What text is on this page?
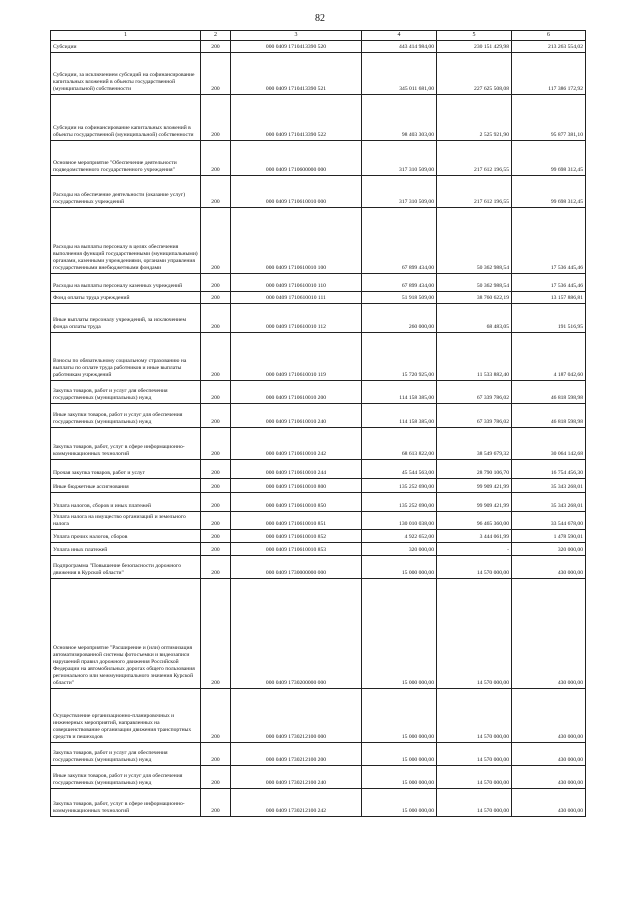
82
1	2	3	4	5	6
Субсидии	200	000 0409 1710413390 520	443 414 984,00	230 151 429,98	213 263 554,02
Субсидии, за исключением субсидий на софинансирование капитальных вложений в объекты государственной (муниципальной) собственности	200	000 0409 1710413390 521	345 011 681,00	227 625 508,08	117 386 172,92
Субсидии на софинансирование капитальных вложений в объекты государственной (муниципальной) собственности	200	000 0409 1710413390 522	98 403 303,00	2 525 921,90	95 877 381,10
Основное мероприятие "Обеспечение деятельности подведомственного государственного учреждения"	200	000 0409 1710600000 000	317 310 509,00	217 612 196,55	99 698 312,45
Расходы на обеспечение деятельности (оказание услуг) государственных учреждений	200	000 0409 1710610010 000	317 310 509,00	217 612 196,55	99 698 312,45
Расходы на выплаты персоналу в целях обеспечения выполнения функций государственными (муниципальными) органами, казенными учреждениями, органами управления государственными внебюджетными фондами	200	000 0409 1710610010 100	67 899 434,00	50 362 988,54	17 536 445,46
Расходы на выплаты персоналу казенных учреждений	200	000 0409 1710610010 110	67 899 434,00	50 362 988,54	17 536 445,46
Фонд оплаты труда учреждений	200	000 0409 1710610010 111	51 918 509,00	38 760 622,19	13 157 886,81
Иные выплаты персоналу учреждений, за исключением фонда оплаты труда	200	000 0409 1710610010 112	260 000,00	68 483,05	191 516,95
Взносы по обязательному социальному страхованию на выплаты по оплате труда работников и иные выплаты работникам учреждений	200	000 0409 1710610010 119	15 720 925,00	11 533 882,40	4 187 042,60
Закупка товаров, работ и услуг для обеспечения государственных (муниципальных) нужд	200	000 0409 1710610010 200	114 158 385,00	67 339 786,02	46 818 598,98
Иные закупки товаров, работ и услуг для обеспечения государственных (муниципальных) нужд	200	000 0409 1710610010 240	114 158 385,00	67 339 786,02	46 818 598,98
Закупка товаров, работ, услуг в сфере информационно-коммуникационных технологий	200	000 0409 1710610010 242	68 613 822,00	38 549 679,32	30 064 142,68
Прочая закупка товаров, работ и услуг	200	000 0409 1710610010 244	45 544 563,00	28 790 106,70	16 754 456,30
Иные бюджетные ассигнования	200	000 0409 1710610010 800	135 252 690,00	99 909 421,99	35 343 268,01
Уплата налогов, сборов и иных платежей	200	000 0409 1710610010 850	135 252 690,00	99 909 421,99	35 343 268,01
Уплата налога на имущество организаций и земельного налога	200	000 0409 1710610010 851	130 010 038,00	96 465 360,00	33 544 678,00
Уплата прочих налогов, сборов	200	000 0409 1710610010 852	4 922 652,00	3 444 061,99	1 478 590,01
Уплата иных платежей	200	000 0409 1710610010 853	320 000,00	-	320 000,00
Подпрограмма "Повышение безопасности дорожного движения в Курской области"	200	000 0409 1730000000 000	15 000 000,00	14 570 000,00	430 000,00
Основное мероприятие "Расширение и (или) оптимизация автоматизированной системы фотосъемки и видеозаписи нарушений правил дорожного движения Российской Федерации на автомобильных дорогах общего пользования регионального или межмуниципального значения Курской области"	200	000 0409 1730200000 000	15 000 000,00	14 570 000,00	430 000,00
Осуществление организационно-планировочных и инженерных мероприятий, направленных на совершенствование организации движения транспортных средств и пешеходов	200	000 0409 1730212100 000	15 000 000,00	14 570 000,00	430 000,00
Закупка товаров, работ и услуг для обеспечения государственных (муниципальных) нужд	200	000 0409 1730212100 200	15 000 000,00	14 570 000,00	430 000,00
Иные закупки товаров, работ и услуг для обеспечения государственных (муниципальных) нужд	200	000 0409 1730212100 240	15 000 000,00	14 570 000,00	430 000,00
Закупка товаров, работ, услуг в сфере информационно-коммуникационных технологий	200	000 0409 1730212100 242	15 000 000,00	14 570 000,00	430 000,00
